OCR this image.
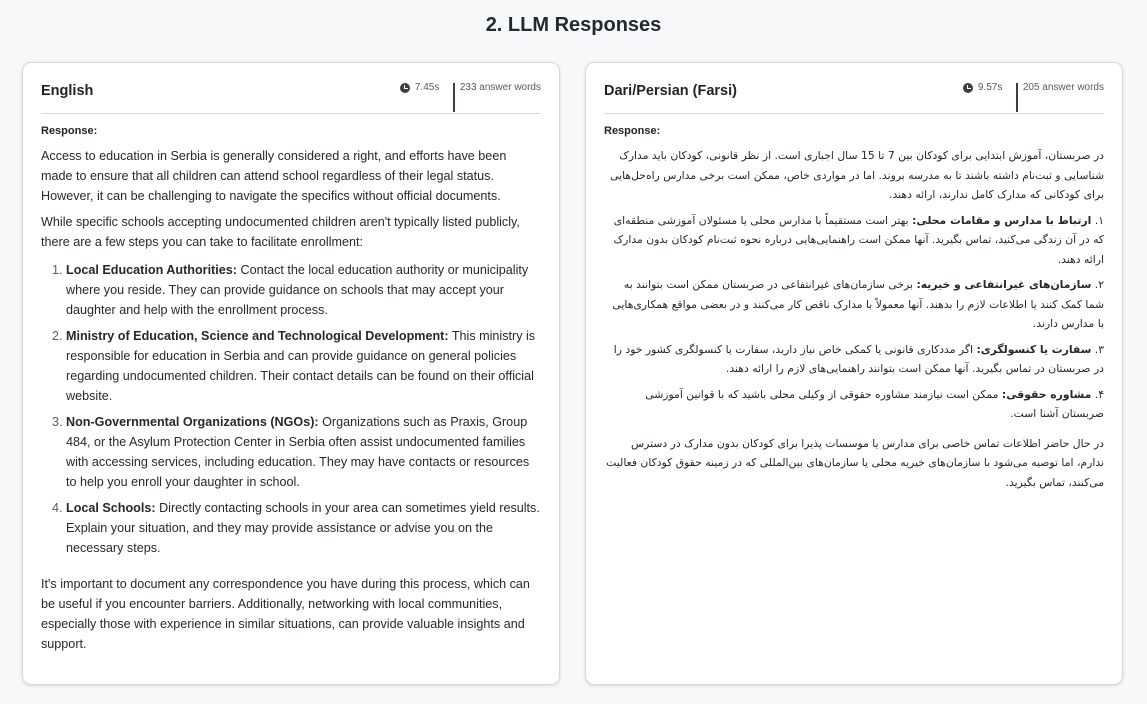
2. LLM Responses
English	7.45s 233 answer words
Response:

Access to education in Serbia is generally considered a right, and efforts have been made to ensure that all children can attend school regardless of their legal status. However, it can be challenging to navigate the specifics without official documents.

While specific schools accepting undocumented children aren't typically listed publicly, there are a few steps you can take to facilitate enrollment:

1. Local Education Authorities: Contact the local education authority or municipality where you reside. They can provide guidance on schools that may accept your daughter and help with the enrollment process.
2. Ministry of Education, Science and Technological Development: This ministry is responsible for education in Serbia and can provide guidance on general policies regarding undocumented children. Their contact details can be found on their official website.
3. Non-Governmental Organizations (NGOs): Organizations such as Praxis, Group 484, or the Asylum Protection Center in Serbia often assist undocumented families with accessing services, including education. They may have contacts or resources to help you enroll your daughter in school.
4. Local Schools: Directly contacting schools in your area can sometimes yield results. Explain your situation, and they may provide assistance or advise you on the necessary steps.

It's important to document any correspondence you have during this process, which can be useful if you encounter barriers. Additionally, networking with local communities, especially those with experience in similar situations, can provide valuable insights and support.

Dari/Persian (Farsi)	9.57s 205 answer words
Response:

در صربستان، آموزش ابتدایی برای کودکان بین 7 تا 15 سال اجباری است. از نظر قانونی، کودکان باید مدارک شناسایی و ثبت‌نام داشته باشند تا به مدرسه بروند. اما در مواردی خاص، ممکن است برخی مدارس راه‌حل‌هایی برای کودکانی که مدارک کامل ندارند، ارائه دهند.

۱. ارتباط با مدارس و مقامات محلی: بهتر است مستقیماً با مدارس محلی یا مسئولان آموزشی منطقه‌ای که در آن زندگی می‌کنید، تماس بگیرید. آنها ممکن است راهنمایی‌هایی درباره نحوه ثبت‌نام کودکان بدون مدارک ارائه دهند.

۲. سازمان‌های غیرانتفاعی و خیریه: برخی سازمان‌های غیرانتفاعی در صربستان ممکن است بتوانند به شما کمک کنند یا اطلاعات لازم را بدهند. آنها معمولاً با مدارک ناقص کار می‌کنند و در بعضی مواقع همکاری‌هایی با مدارس دارند.

۳. سفارت یا کنسولگری: اگر مددکاری قانونی یا کمکی خاص نیاز دارید، سفارت یا کنسولگری کشور خود را در صربستان در تماس بگیرید. آنها ممکن است بتوانند راهنمایی‌های لازم را ارائه دهند.

۴. مشاوره حقوقی: ممکن است نیازمند مشاوره حقوقی از وکیلی محلی باشید که با قوانین آموزشی صربستان آشنا است.

در حال حاضر اطلاعات تماس خاصی برای مدارس یا موسسات پذیرا برای کودکان بدون مدارک در دسترس ندارم، اما توصیه می‌شود با سازمان‌های خیریه محلی یا سازمان‌های بین‌المللی که در زمینه حقوق کودکان فعالیت می‌کنند، تماس بگیرید.
